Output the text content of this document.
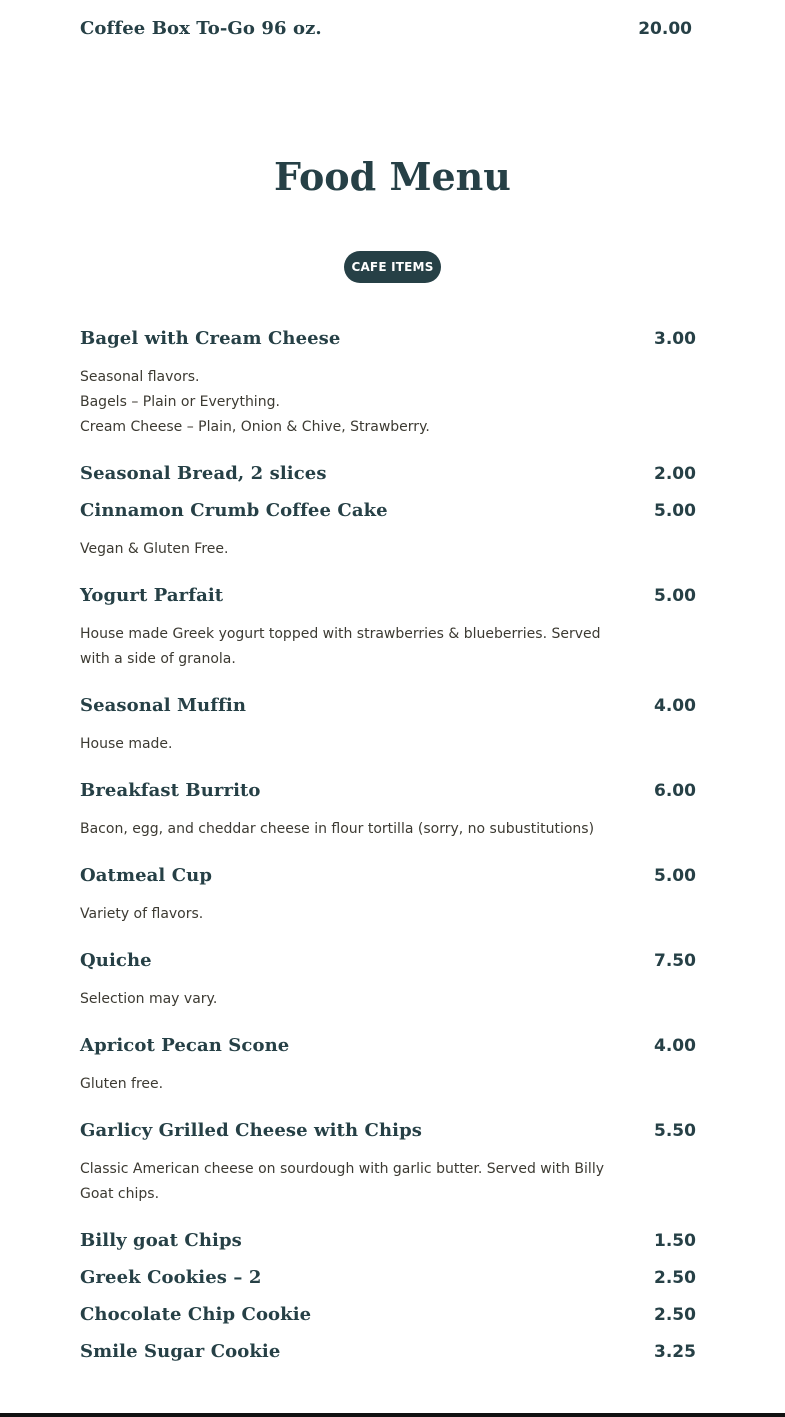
Coffee Box To-Go 96 oz.	20.00
Food Menu
CAFE ITEMS
Bagel with Cream Cheese	3.00
Seasonal flavors.
Bagels – Plain or Everything.
Cream Cheese – Plain, Onion & Chive, Strawberry.
Seasonal Bread, 2 slices	2.00
Cinnamon Crumb Coffee Cake	5.00
Vegan & Gluten Free.
Yogurt Parfait	5.00
House made Greek yogurt topped with strawberries & blueberries. Served with a side of granola.
Seasonal Muffin	4.00
House made.
Breakfast Burrito	6.00
Bacon, egg, and cheddar cheese in flour tortilla (sorry, no subustitutions)
Oatmeal Cup	5.00
Variety of flavors.
Quiche	7.50
Selection may vary.
Apricot Pecan Scone	4.00
Gluten free.
Garlicy Grilled Cheese with Chips	5.50
Classic American cheese on sourdough with garlic butter. Served with Billy Goat chips.
Billy goat Chips	1.50
Greek Cookies – 2	2.50
Chocolate Chip Cookie	2.50
Smile Sugar Cookie	3.25
